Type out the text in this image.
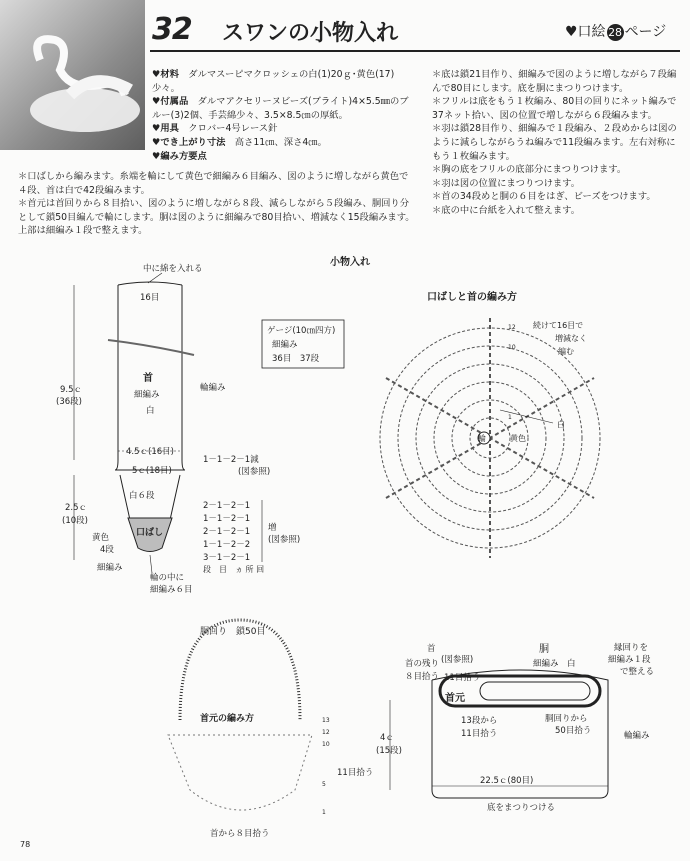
32 スワンの小物入れ	♥口絵 28 ページ
♥材料　 ダルマスーピマクロッシェの白(1)20ｇ･黄色(17)少々。
♥付属品　 ダルマアクセリーヌビーズ(ブライト)4×5.5㎜のブルー(3)2個、手芸綿少々、3.5×8.5㎝の厚紙。
♥用具　 クロバー4号レース針
♥でき上がり寸法　 高さ11㎝、深さ4㎝。
♥編み方要点
＊口ばしから編みます。糸端を輪にして黄色で細編み６目編み、図のように増しながら黄色で４段、首は白で42段編みます。
＊首元は首回りから８目拾い、図のように増しながら８段、減らしながら５段編み、胴回り分として鎖50目編んで輪にします。胴は図のように細編みで80目拾い、増減なく15段編みます。上部は細編み１段で整えます。
＊底は鎖21目作り、細編みで図のように増しながら７段編んで80目にします。底を胴にまつりつけます。
＊フリルは底をもう１枚編み、80目の回りにネット編みで37ネット拾い、図の位置で増しながら６段編みます。
＊羽は鎖28目作り、細編みで１段編み、２段めからは図のように減らしながらうね編みで11段編みます。左右対称にもう１枚編みます。
＊胸の底をフリルの底部分にまつりつけます。
＊羽は図の位置にまつりつけます。
＊首の34段めと胴の６目をはぎ、ビーズをつけます。
＊底の中に台紙を入れて整えます。
小物入れ
中に綿を入れる
16目
首
細編み
白
輪編み
9.5ｃ
(36段)
4.5ｃ(16目)
5ｃ(18目)
1－1－2－1減
(図参照)
白６段
2.5ｃ
(10段)
口ばし
黄色
4段
細編み
輪の中に
細編み６目
2－1－2－1
1－1－2－1
2－1－2－1
1－1－2－2
3－1－2－1
増
(図参照)
段　目　ヵ 所 回
ゲージ(10㎝四方)
細編み
36目　37段
口ばしと首の編み方
輪	黄色
白
12
10
1
続けて16目で
増減なく
編む
胴回り　鎖50目
首元の編み方	13
12
10
5
1
11目拾う
首から８目拾う
胴
細編み　白
縁回りを
細編み１段
で整える
首
(図参照)
11目拾う
首元
首の残り
８目拾う
13段から
11目拾う
胴回りから
50目拾う	輪編み
4ｃ
(15段)
22.5ｃ(80目)
底をまつりつける
78
